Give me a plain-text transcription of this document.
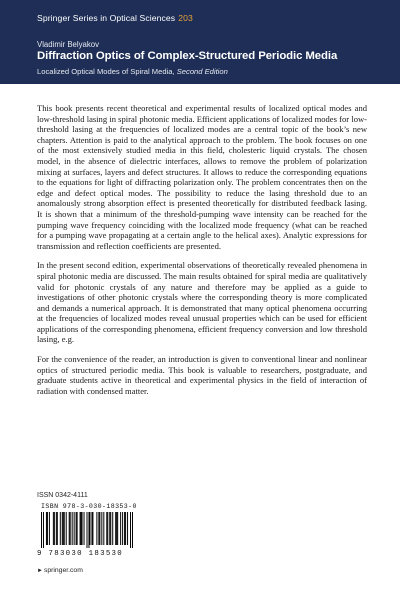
Springer Series in Optical Sciences 203
Vladimir Belyakov
Diffraction Optics of Complex-Structured Periodic Media
Localized Optical Modes of Spiral Media, Second Edition

This book presents recent theoretical and experimental results of localized optical modes and low-threshold lasing in spiral photonic media. Efficient applications of localized modes for low-threshold lasing at the frequencies of localized modes are a central topic of the book’s new chapters. Attention is paid to the analytical approach to the problem. The book focuses on one of the most extensively studied media in this field, cholesteric liquid crystals. The chosen model, in the absence of dielectric interfaces, allows to remove the problem of polarization mixing at surfaces, layers and defect structures. It allows to reduce the corresponding equations to the equations for light of diffracting polarization only. The problem concentrates then on the edge and defect optical modes. The possibility to reduce the lasing threshold due to an anomalously strong absorption effect is presented theoretically for distributed feedback lasing. It is shown that a minimum of the threshold-pumping wave intensity can be reached for the pumping wave frequency coinciding with the localized mode frequency (what can be reached for a pumping wave propagating at a certain angle to the helical axes). Analytic expressions for transmission and reflection coefficients are presented.

In the present second edition, experimental observations of theoretically revealed phenomena in spiral photonic media are discussed. The main results obtained for spiral media are qualitatively valid for photonic crystals of any nature and therefore may be applied as a guide to investigations of other photonic crystals where the corresponding theory is more complicated and demands a numerical approach. It is demonstrated that many optical phenomena occurring at the frequencies of localized modes reveal unusual properties which can be used for efficient applications of the corresponding phenomena, efficient frequency conversion and low threshold lasing, e.g.

For the convenience of the reader, an introduction is given to conventional linear and nonlinear optics of structured periodic media. This book is valuable to researchers, postgraduate, and graduate students active in theoretical and experimental physics in the field of interaction of radiation with condensed matter.

ISSN 0342-4111
ISBN 978-3-030-18353-0
9 783030 183530
►springer.com
